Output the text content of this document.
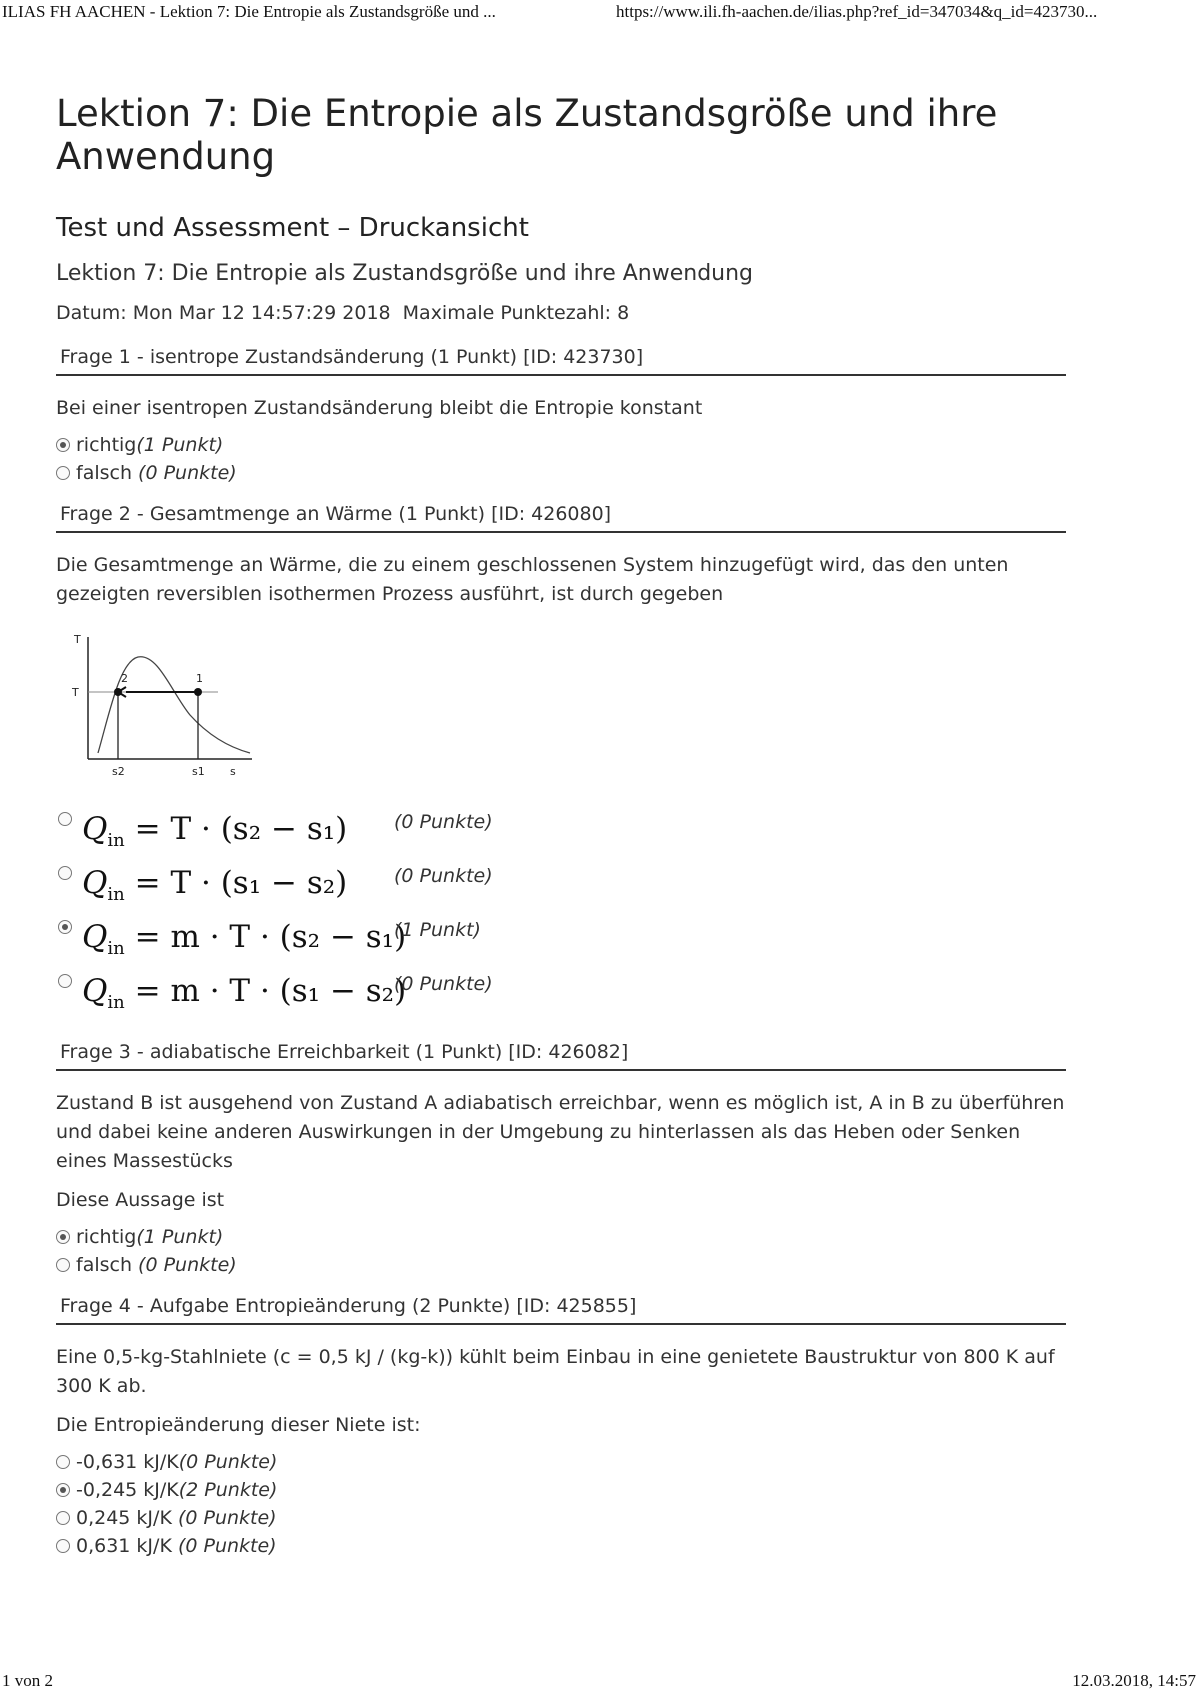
ILIAS FH AACHEN - Lektion 7: Die Entropie als Zustandsgröße und ...	https://www.ili.fh-aachen.de/ilias.php?ref_id=347034&q_id=423730...
Lektion 7: Die Entropie als Zustandsgröße und ihre Anwendung
Test und Assessment – Druckansicht
Lektion 7: Die Entropie als Zustandsgröße und ihre Anwendung
Datum: Mon Mar 12 14:57:29 2018 Maximale Punktezahl: 8
Frage 1 - isentrope Zustandsänderung (1 Punkt) [ID: 423730]
Bei einer isentropen Zustandsänderung bleibt die Entropie konstant
richtig (1 Punkt)
falsch
(0 Punkte)
Frage 2 - Gesamtmenge an Wärme (1 Punkt) [ID: 426080]
Die Gesamtmenge an Wärme, die zu einem geschlossenen System hinzugefügt wird, das den unten gezeigten reversiblen isothermen Prozess ausführt, ist durch gegeben
T
T
2	1
s2	s1 s
$Q_{in} = T \cdot (s_2 - s_1)$ (0 Punkte)
$Q_{in} = T \cdot (s_1 - s_2)$ (0 Punkte)
$Q_{in} = m \cdot T \cdot (s_2 - s_1)$
(1 Punkt)
$Q_{in} = m \cdot T \cdot (s_1 - s_2)$
(0 Punkte)
Frage 3 - adiabatische Erreichbarkeit (1 Punkt) [ID: 426082]
Zustand B ist ausgehend von Zustand A adiabatisch erreichbar, wenn es möglich ist, A in B zu überführen und dabei keine anderen Auswirkungen in der Umgebung zu hinterlassen als das Heben oder Senken eines Massestücks
Diese Aussage ist
richtig (1 Punkt)
falsch
(0 Punkte)
Frage 4 - Aufgabe Entropieänderung (2 Punkte) [ID: 425855]
Eine 0,5-kg-Stahlniete (c = 0,5 kJ / (kg-k)) kühlt beim Einbau in eine genietete Baustruktur von 800 K auf 300 K ab.
Die Entropieänderung dieser Niete ist:
-0,631 kJ/K (0 Punkte)
-0,245 kJ/K (2 Punkte)
0,245 kJ/K
(0 Punkte)
0,631 kJ/K
(0 Punkte)
1 von 2	12.03.2018, 14:57
